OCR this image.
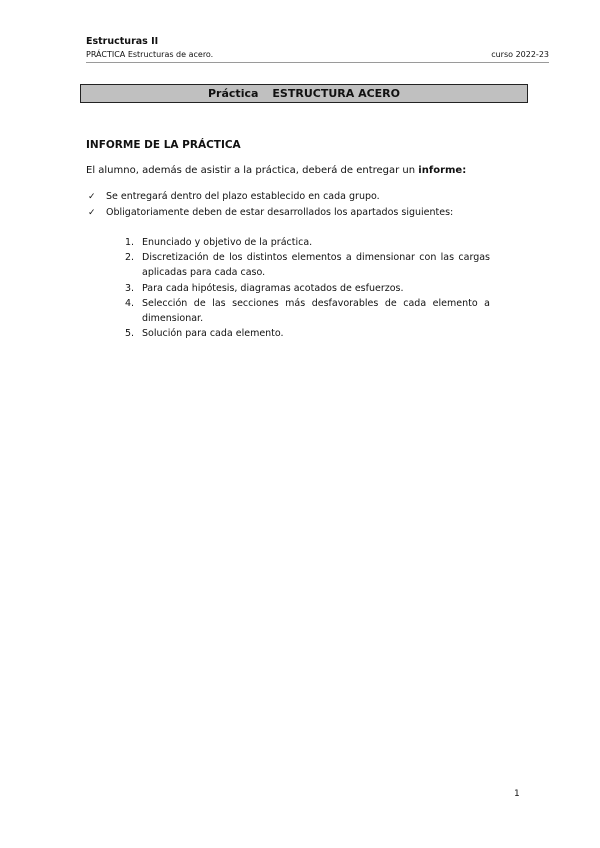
Estructuras II
PRÁCTICA Estructuras de acero.	curso 2022-23
Práctica ESTRUCTURA ACERO
INFORME DE LA PRÁCTICA
El alumno, además de asistir a la práctica, deberá de entregar un informe:
✓ Se entregará dentro del plazo establecido en cada grupo.
✓ Obligatoriamente deben de estar desarrollados los apartados siguientes:
1. Enunciado y objetivo de la práctica.
2. Discretización de los distintos elementos a dimensionar con las cargas aplicadas para cada caso.
3. Para cada hipótesis, diagramas acotados de esfuerzos.
4. Selección de las secciones más desfavorables de cada elemento a dimensionar.
5. Solución para cada elemento.
1
